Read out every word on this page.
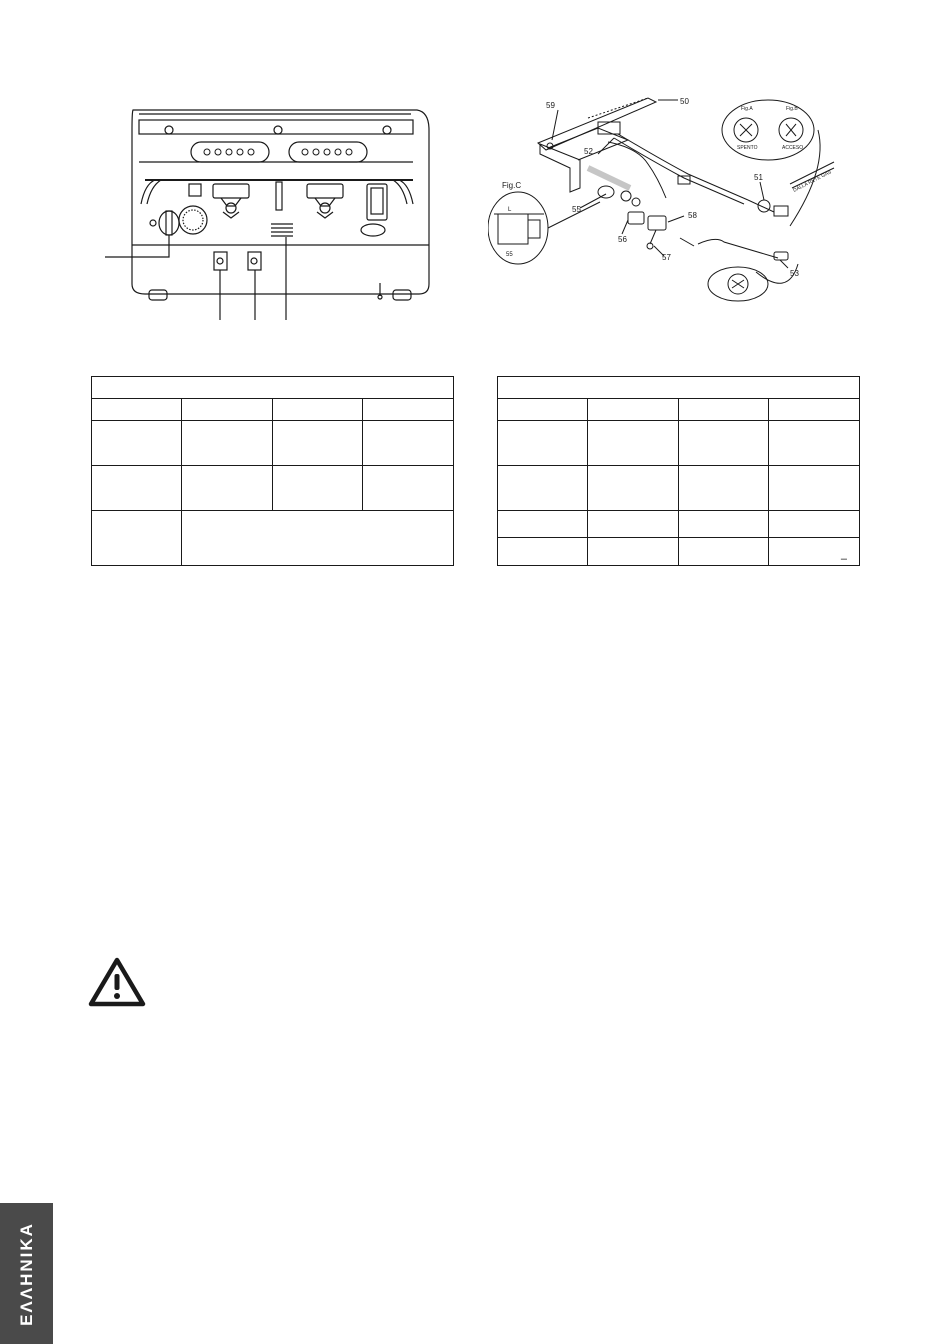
59	50
52
51
55
56
58
57
53
Fig.C
55
L
Fig.A	Fig.B
SPENTO	ACCESO
DALLA RETE GAS

			–
ΕΛΛΗΝΙΚΑ
